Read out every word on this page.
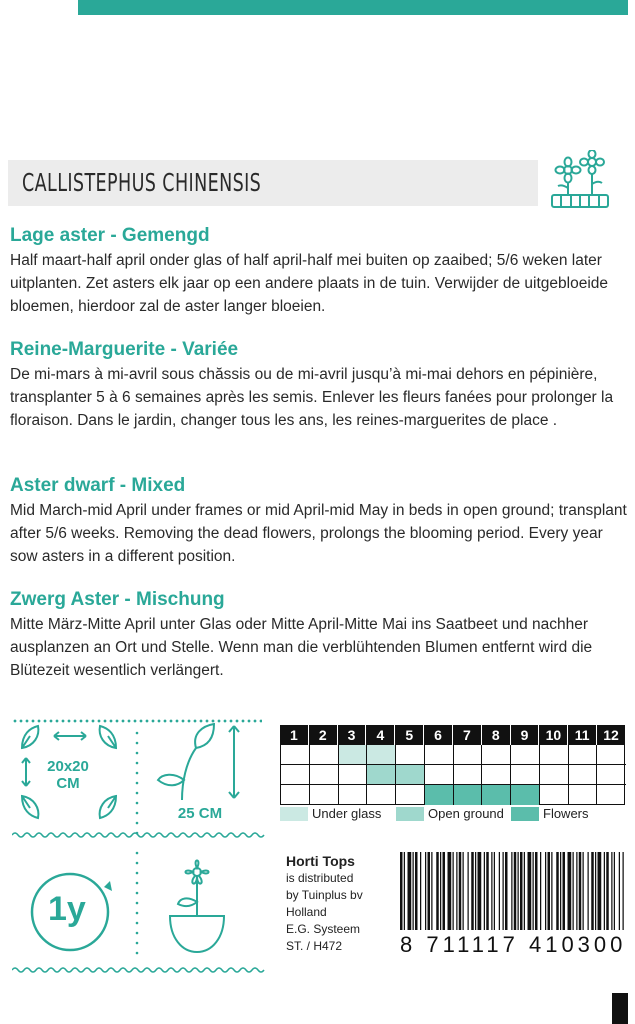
CALLISTEPHUS CHINENSIS
Lage aster - Gemengd
Half maart-half april onder glas of half april-half mei buiten op zaaibed; 5/6 weken later uitplanten. Zet asters elk jaar op een andere plaats in de tuin. Verwijder de uitgebloeide bloemen, hierdoor zal de aster langer bloeien.
Reine-Marguerite - Variée
De mi-mars à mi-avril sous chăssis ou de mi-avril jusqu’à mi-mai dehors en pépinière, transplanter 5 à 6 semaines après les semis. Enlever les fleurs fanées pour prolonger la floraison. Dans le jardin, changer tous les ans, les reines-marguerites de place .
Aster dwarf - Mixed
Mid March-mid April under frames or mid April-mid May in beds in open ground; transplant after 5/6 weeks. Removing the dead flowers, prolongs the blooming period. Every year sow asters in a different position.
Zwerg Aster - Mischung
Mitte März-Mitte April unter Glas oder Mitte April-Mitte Mai ins Saatbeet und nachher ausplanzen an Ort und Stelle. Wenn man die verblühtenden Blumen entfernt wird die Blütezeit wesentlich verlängert.
20x20
CM
25 CM
1y
1	2	3	4	5	6	7	8	9	10 11 12
Under glass	Open ground	Flowers
Horti Tops
is distributed
by Tuinplus bv
Holland
E.G. Systeem
ST. / H472	8 711117 410300
